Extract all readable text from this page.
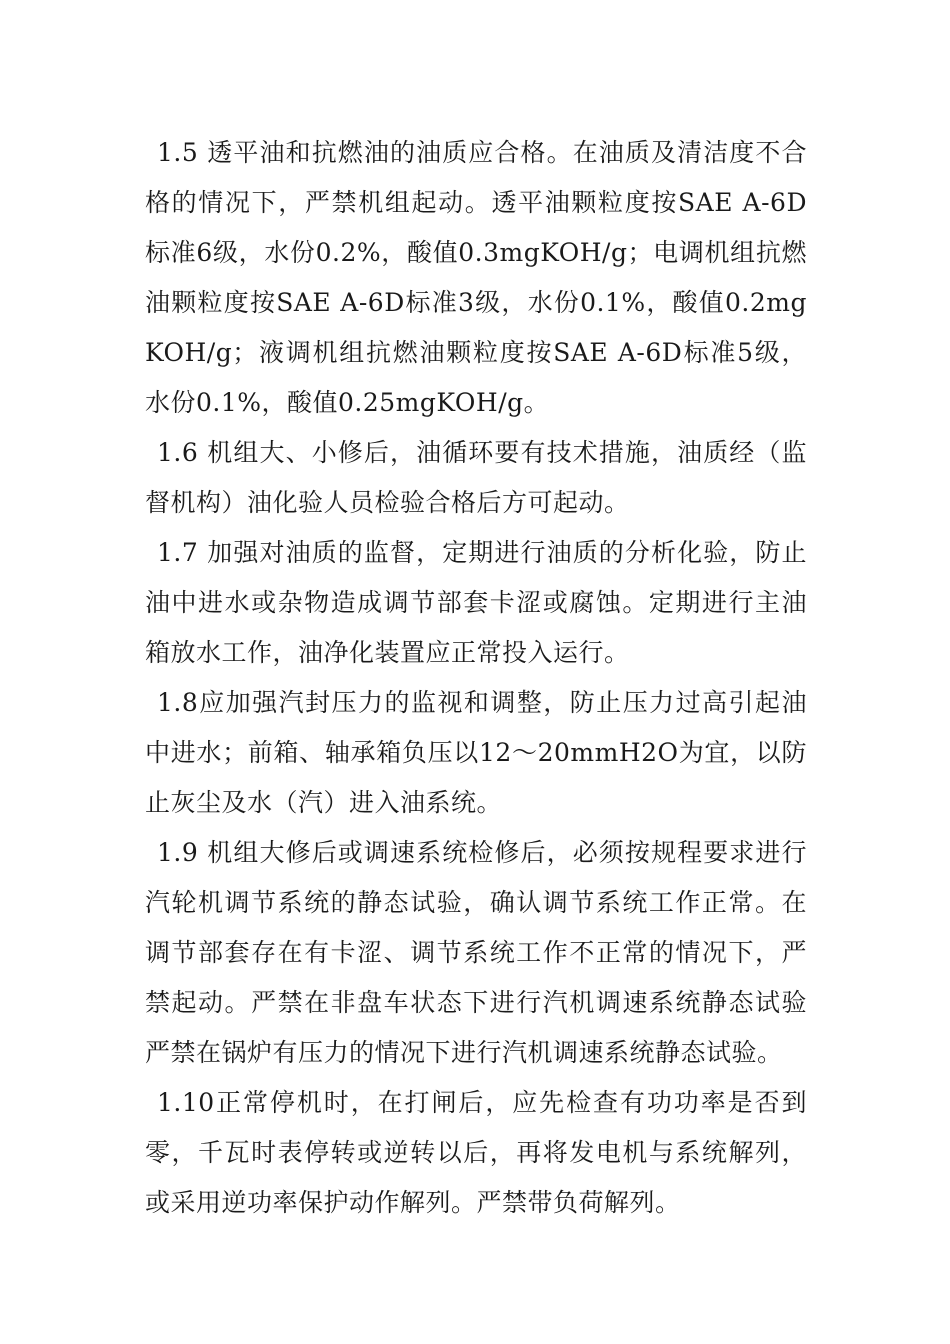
1.5 透平油和抗燃油的油质应合格。在油质及清洁度不合格的情况下，严禁机组起动。透平油颗粒度按SAE A-6D标准6级，水份0.2%，酸值0.3mgKOH/g；电调机组抗燃油颗粒度按SAE A-6D标准3级，水份0.1%，酸值0.2mgKOH/g；液调机组抗燃油颗粒度按SAE A-6D标准5级，水份0.1%，酸值0.25mgKOH/g。

1.6 机组大、小修后，油循环要有技术措施，油质经（监督机构）油化验人员检验合格后方可起动。

1.7 加强对油质的监督，定期进行油质的分析化验，防止油中进水或杂物造成调节部套卡涩或腐蚀。定期进行主油箱放水工作，油净化装置应正常投入运行。

1.8应加强汽封压力的监视和调整，防止压力过高引起油中进水；前箱、轴承箱负压以12～20mmH2O为宜，以防止灰尘及水（汽）进入油系统。

1.9 机组大修后或调速系统检修后，必须按规程要求进行汽轮机调节系统的静态试验，确认调节系统工作正常。在调节部套存在有卡涩、调节系统工作不正常的情况下，严禁起动。严禁在非盘车状态下进行汽机调速系统静态试验严禁在锅炉有压力的情况下进行汽机调速系统静态试验。

1.10正常停机时，在打闸后，应先检查有功功率是否到零，千瓦时表停转或逆转以后，再将发电机与系统解列，或采用逆功率保护动作解列。严禁带负荷解列。
